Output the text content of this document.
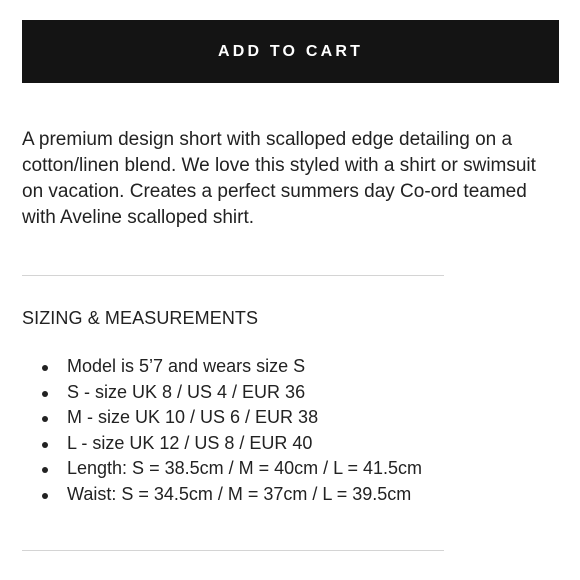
ADD TO CART

A premium design short with scalloped edge detailing on a cotton/linen blend. We love this styled with a shirt or swimsuit on vacation. Creates a perfect summers day Co-ord teamed with Aveline scalloped shirt.

SIZING & MEASUREMENTS
Model is 5’7 and wears size S
S - size UK 8 / US 4 / EUR 36
M - size UK 10 / US 6 / EUR 38
L - size UK 12 / US 8 / EUR 40
Length: S = 38.5cm / M = 40cm / L = 41.5cm
Waist: S = 34.5cm / M = 37cm / L = 39.5cm
